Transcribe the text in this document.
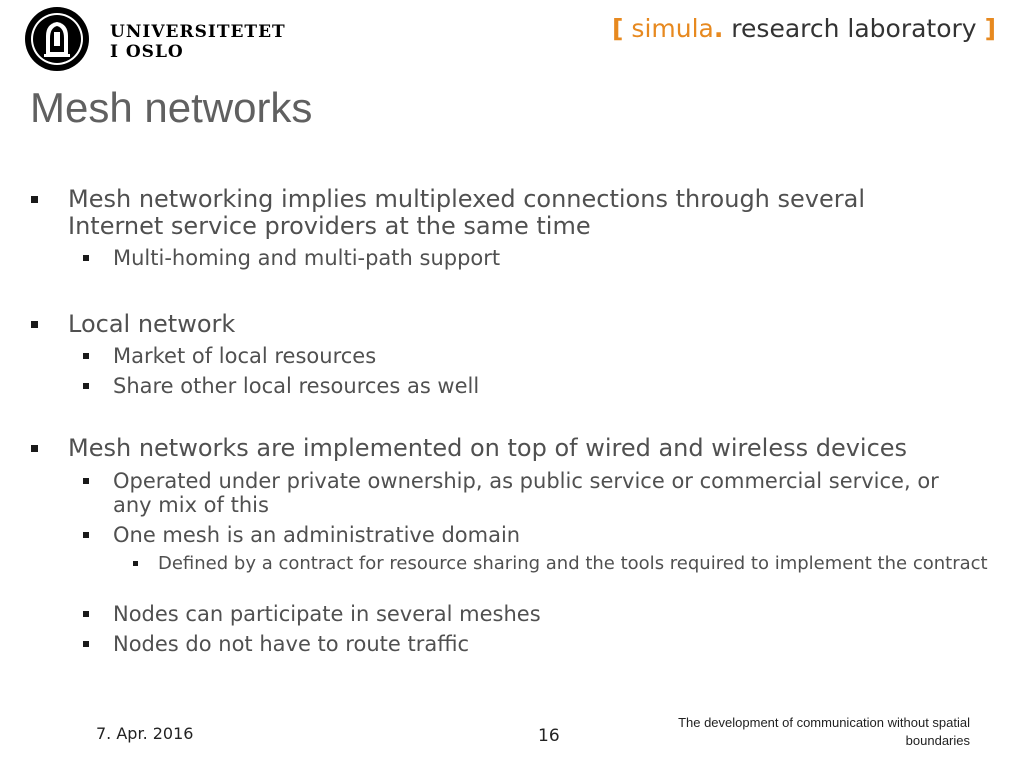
UNIVERSITETET
I OSLO
[ simula. research laboratory ]
Mesh networks
Mesh networking implies multiplexed connections through several Internet service providers at the same time
Multi-homing and multi-path support
Local network
Market of local resources
Share other local resources as well
Mesh networks are implemented on top of wired and wireless devices
Operated under private ownership, as public service or commercial service, or any mix of this
One mesh is an administrative domain
Defined by a contract for resource sharing and the tools required to implement the contract
Nodes can participate in several meshes
Nodes do not have to route traffic
7. Apr. 2016	16
The development of communication without spatial boundaries
